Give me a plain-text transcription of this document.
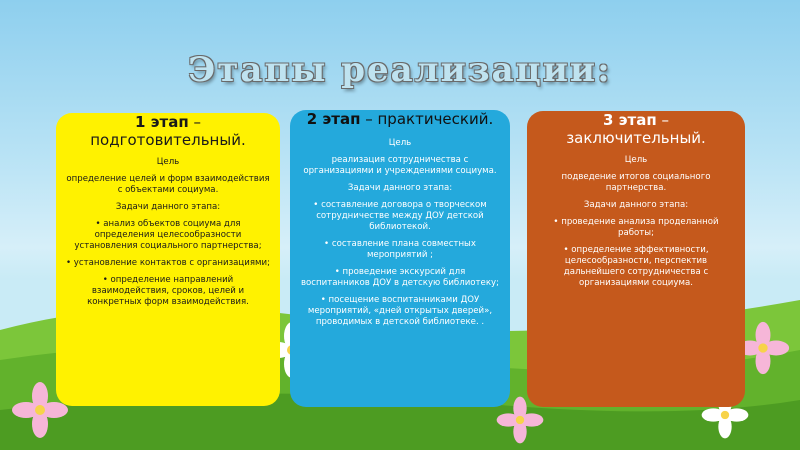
Этапы реализации:
1 этап – подготовительный.

Цель

определение целей и форм взаимодействия с объектами социума.

Задачи данного этапа:

• анализ объектов социума для определения целесообразности установления социального партнерства;

• установление контактов с организациями;

• определение направлений взаимодействия, сроков, целей и конкретных форм взаимодействия.

2 этап – практический.

Цель

реализация сотрудничества с организациями и учреждениями социума.

Задачи данного этапа:

• составление договора о творческом сотрудничестве между ДОУ детской библиотекой.

• составление плана совместных мероприятий ;

• проведение экскурсий для воспитанников ДОУ в детскую библиотеку;

• посещение воспитанниками ДОУ мероприятий, «дней открытых дверей», проводимых в детской библиотеке. .

3 этап – заключительный.

Цель

подведение итогов социального партнерства.

Задачи данного этапа:

• проведение анализа проделанной работы;

• определение эффективности, целесообразности, перспектив дальнейшего сотрудничества с организациями социума.
